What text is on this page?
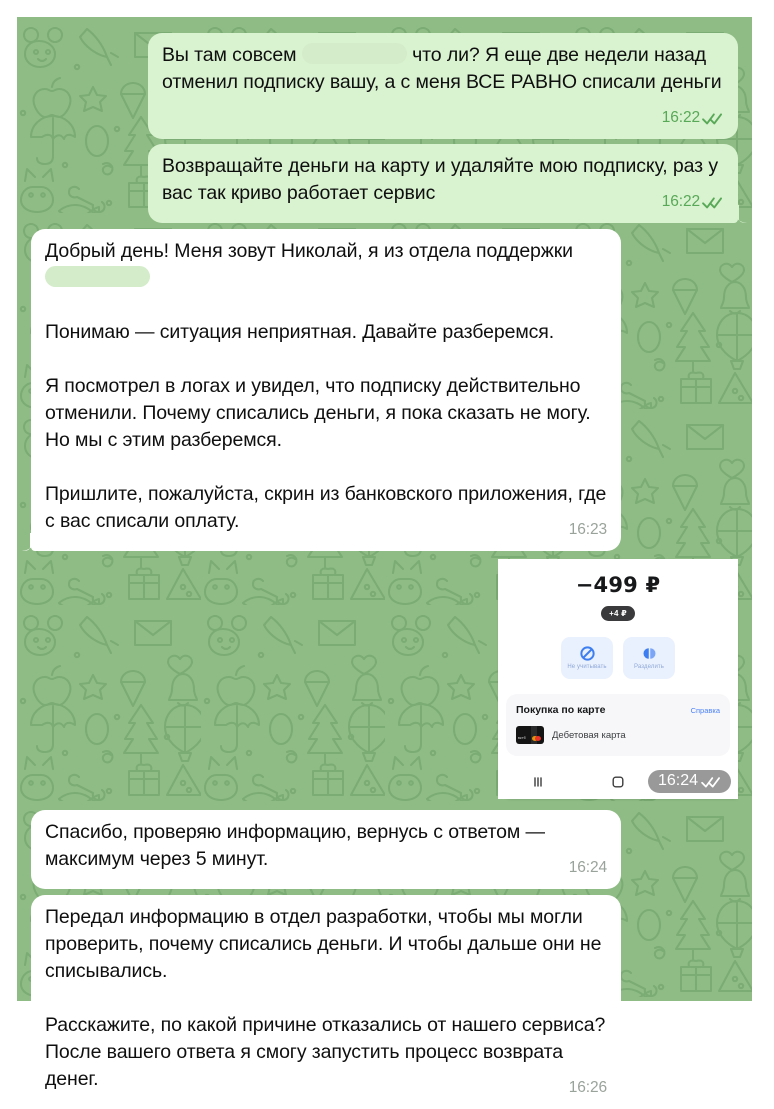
Вы там совсем	что ли? Я еще две недели назад отменил подписку вашу, а с меня ВСЕ РАВНО списали деньги
16:22

Возвращайте деньги на карту и удаляйте мою подписку, раз у вас так криво работает сервис	16:22

Добрый день! Меня зовут Николай, я из отдела поддержки

Понимаю — ситуация неприятная. Давайте разберемся.

Я посмотрел в логах и увидел, что подписку действительно отменили. Почему списались деньги, я пока сказать не могу. Но мы с этим разберемся.

Пришлите, пожалуйста, скрин из банковского приложения, где с вас списали оплату.	16:23

−499 ₽
+4 ₽
Не учитывать	Разделить
Покупка по карте	Справка
вктб	Дебетовая карта
16:24

Спасибо, проверяю информацию, вернусь с ответом — максимум через 5 минут.	16:24

Передал информацию в отдел разработки, чтобы мы могли проверить, почему списались деньги. И чтобы дальше они не списывались.

Расскажите, по какой причине отказались от нашего сервиса? После вашего ответа я смогу запустить процесс возврата денег.	16:26
